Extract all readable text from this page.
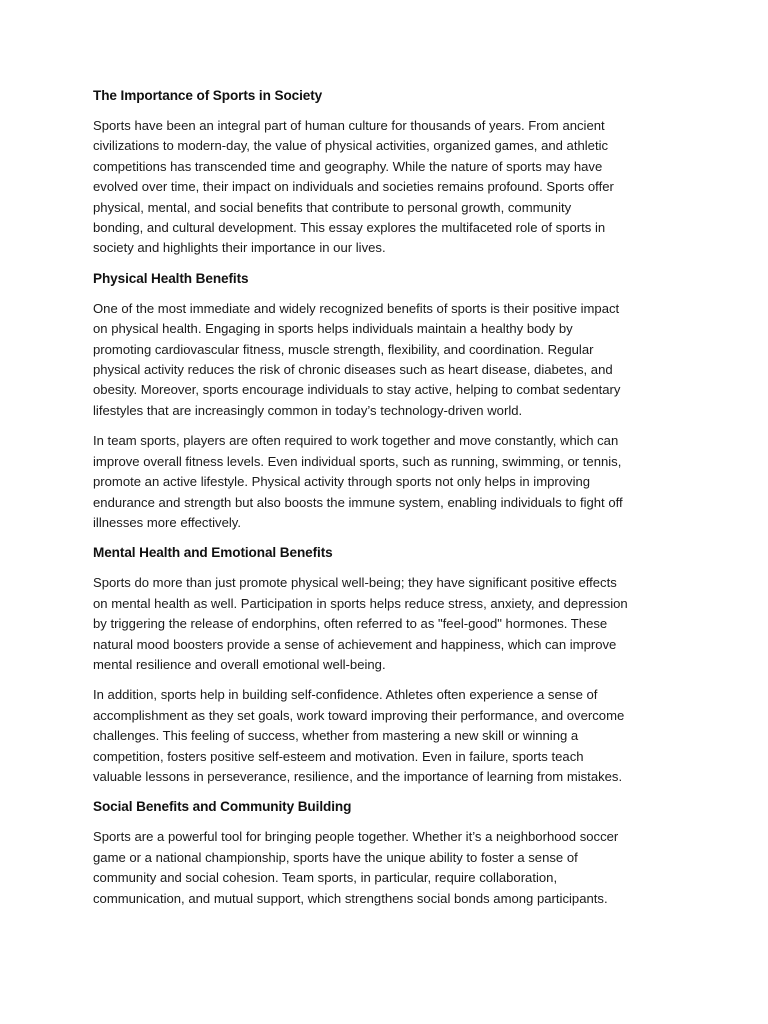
The Importance of Sports in Society

Sports have been an integral part of human culture for thousands of years. From ancient
civilizations to modern-day, the value of physical activities, organized games, and athletic
competitions has transcended time and geography. While the nature of sports may have
evolved over time, their impact on individuals and societies remains profound. Sports offer
physical, mental, and social benefits that contribute to personal growth, community
bonding, and cultural development. This essay explores the multifaceted role of sports in
society and highlights their importance in our lives.

Physical Health Benefits

One of the most immediate and widely recognized benefits of sports is their positive impact
on physical health. Engaging in sports helps individuals maintain a healthy body by
promoting cardiovascular fitness, muscle strength, flexibility, and coordination. Regular
physical activity reduces the risk of chronic diseases such as heart disease, diabetes, and
obesity. Moreover, sports encourage individuals to stay active, helping to combat sedentary
lifestyles that are increasingly common in today’s technology-driven world.

In team sports, players are often required to work together and move constantly, which can
improve overall fitness levels. Even individual sports, such as running, swimming, or tennis,
promote an active lifestyle. Physical activity through sports not only helps in improving
endurance and strength but also boosts the immune system, enabling individuals to fight off
illnesses more effectively.

Mental Health and Emotional Benefits

Sports do more than just promote physical well-being; they have significant positive effects
on mental health as well. Participation in sports helps reduce stress, anxiety, and depression
by triggering the release of endorphins, often referred to as "feel-good" hormones. These
natural mood boosters provide a sense of achievement and happiness, which can improve
mental resilience and overall emotional well-being.

In addition, sports help in building self-confidence. Athletes often experience a sense of
accomplishment as they set goals, work toward improving their performance, and overcome
challenges. This feeling of success, whether from mastering a new skill or winning a
competition, fosters positive self-esteem and motivation. Even in failure, sports teach
valuable lessons in perseverance, resilience, and the importance of learning from mistakes.

Social Benefits and Community Building

Sports are a powerful tool for bringing people together. Whether it’s a neighborhood soccer
game or a national championship, sports have the unique ability to foster a sense of
community and social cohesion. Team sports, in particular, require collaboration,
communication, and mutual support, which strengthens social bonds among participants.
